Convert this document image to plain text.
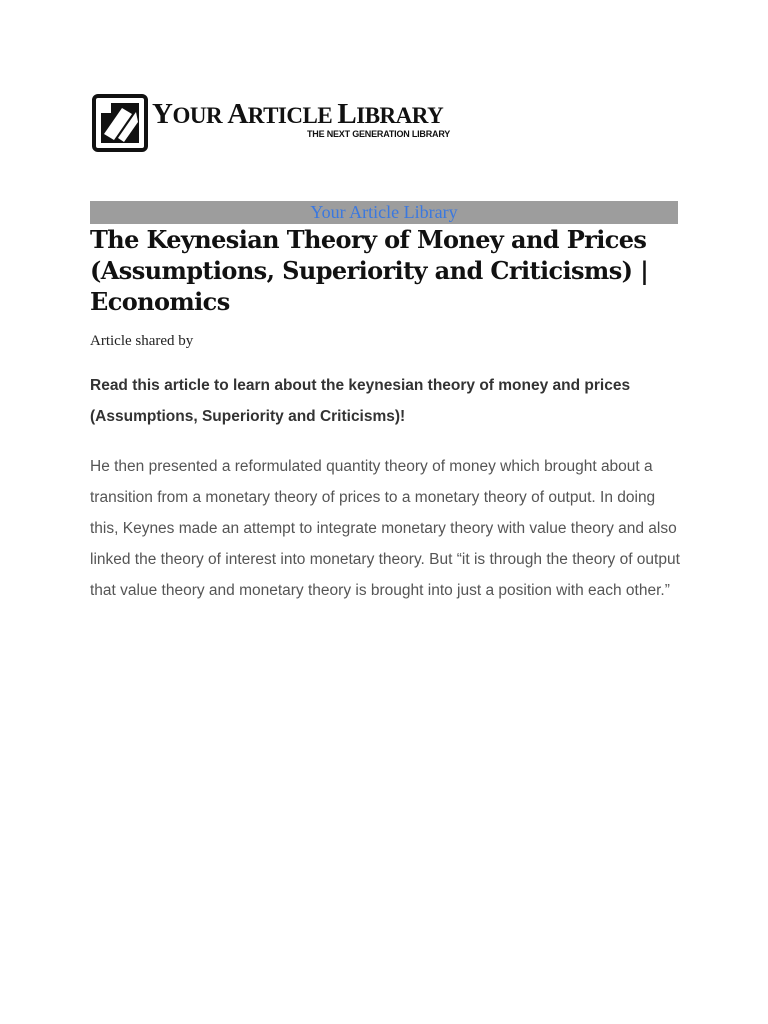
YOUR ARTICLE LIBRARY
THE NEXT GENERATION LIBRARY
Your Article Library
The Keynesian Theory of Money and Prices (Assumptions, Superiority and Criticisms) | Economics
Article shared by

Read this article to learn about the keynesian theory of money and prices (Assumptions, Superiority and Criticisms)!

He then presented a reformulated quantity theory of money which brought about a transition from a monetary theory of prices to a monetary theory of output. In doing this, Keynes made an attempt to integrate monetary theory with value theory and also linked the theory of interest into monetary theory. But “it is through the theory of output that value theory and monetary theory is brought into just a position with each other.”
